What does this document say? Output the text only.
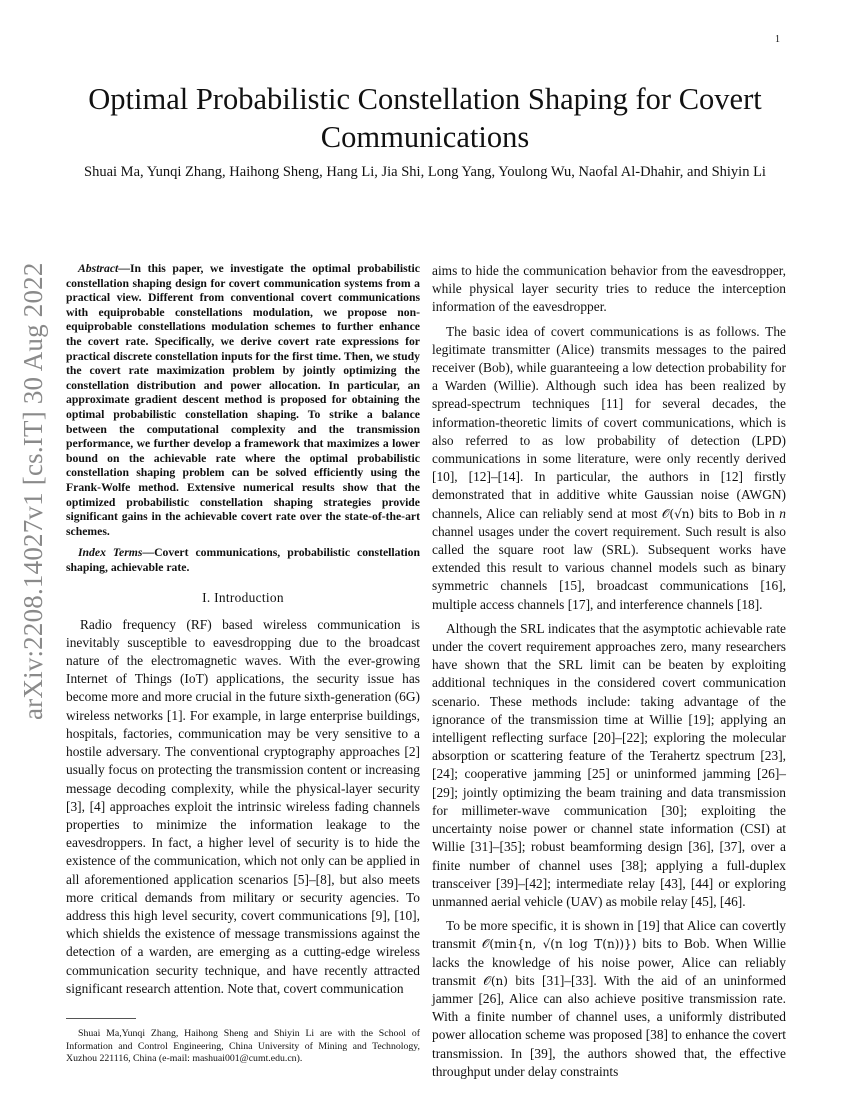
1
arXiv:2208.14027v1 [cs.IT] 30 Aug 2022
Optimal Probabilistic Constellation Shaping for Covert Communications
Shuai Ma, Yunqi Zhang, Haihong Sheng, Hang Li, Jia Shi, Long Yang, Youlong Wu, Naofal Al-Dhahir, and Shiyin Li

Abstract—In this paper, we investigate the optimal probabilistic constellation shaping design for covert communication systems from a practical view. Different from conventional covert communications with equiprobable constellations modulation, we propose non-equiprobable constellations modulation schemes to further enhance the covert rate. Specifically, we derive covert rate expressions for practical discrete constellation inputs for the first time. Then, we study the covert rate maximization problem by jointly optimizing the constellation distribution and power allocation. In particular, an approximate gradient descent method is proposed for obtaining the optimal probabilistic constellation shaping. To strike a balance between the computational complexity and the transmission performance, we further develop a framework that maximizes a lower bound on the achievable rate where the optimal probabilistic constellation shaping problem can be solved efficiently using the Frank-Wolfe method. Extensive numerical results show that the optimized probabilistic constellation shaping strategies provide significant gains in the achievable covert rate over the state-of-the-art schemes.

Index Terms—Covert communications, probabilistic constellation shaping, achievable rate.

I. Introduction

Radio frequency (RF) based wireless communication is inevitably susceptible to eavesdropping due to the broadcast nature of the electromagnetic waves. With the ever-growing Internet of Things (IoT) applications, the security issue has become more and more crucial in the future sixth-generation (6G) wireless networks [1]. For example, in large enterprise buildings, hospitals, factories, communication may be very sensitive to a hostile adversary. The conventional cryptography approaches [2] usually focus on protecting the transmission content or increasing message decoding complexity, while the physical-layer security [3], [4] approaches exploit the intrinsic wireless fading channels properties to minimize the information leakage to the eavesdroppers. In fact, a higher level of security is to hide the existence of the communication, which not only can be applied in all aforementioned application scenarios [5]–[8], but also meets more critical demands from military or security agencies. To address this high level security, covert communications [9], [10], which shields the existence of message transmissions against the detection of a warden, are emerging as a cutting-edge wireless communication security technique, and have recently attracted significant research attention. Note that, covert communication

Shuai Ma,Yunqi Zhang, Haihong Sheng and Shiyin Li are with the School of Information and Control Engineering, China University of Mining and Technology, Xuzhou 221116, China (e-mail: mashuai001@cumt.edu.cn).

aims to hide the communication behavior from the eavesdropper, while physical layer security tries to reduce the interception information of the eavesdropper.

The basic idea of covert communications is as follows. The legitimate transmitter (Alice) transmits messages to the paired receiver (Bob), while guaranteeing a low detection probability for a Warden (Willie). Although such idea has been realized by spread-spectrum techniques [11] for several decades, the information-theoretic limits of covert communications, which is also referred to as low probability of detection (LPD) communications in some literature, were only recently derived [10], [12]–[14]. In particular, the authors in [12] firstly demonstrated that in additive white Gaussian noise (AWGN) channels, Alice can reliably send at most 𝒪(√n) bits to Bob in n channel usages under the covert requirement. Such result is also called the square root law (SRL). Subsequent works have extended this result to various channel models such as binary symmetric channels [15], broadcast communications [16], multiple access channels [17], and interference channels [18].

Although the SRL indicates that the asymptotic achievable rate under the covert requirement approaches zero, many researchers have shown that the SRL limit can be beaten by exploiting additional techniques in the considered covert communication scenario. These methods include: taking advantage of the ignorance of the transmission time at Willie [19]; applying an intelligent reflecting surface [20]–[22]; exploring the molecular absorption or scattering feature of the Terahertz spectrum [23], [24]; cooperative jamming [25] or uninformed jamming [26]–[29]; jointly optimizing the beam training and data transmission for millimeter-wave communication [30]; exploiting the uncertainty noise power or channel state information (CSI) at Willie [31]–[35]; robust beamforming design [36], [37], over a finite number of channel uses [38]; applying a full-duplex transceiver [39]–[42]; intermediate relay [43], [44] or exploring unmanned aerial vehicle (UAV) as mobile relay [45], [46].

To be more specific, it is shown in [19] that Alice can covertly transmit 𝒪(min{n, √(n log T(n))}) bits to Bob. When Willie lacks the knowledge of his noise power, Alice can reliably transmit 𝒪(n) bits [31]–[33]. With the aid of an uninformed jammer [26], Alice can also achieve positive transmission rate. With a finite number of channel uses, a uniformly distributed power allocation scheme was proposed [38] to enhance the covert transmission. In [39], the authors showed that, the effective throughput under delay constraints
